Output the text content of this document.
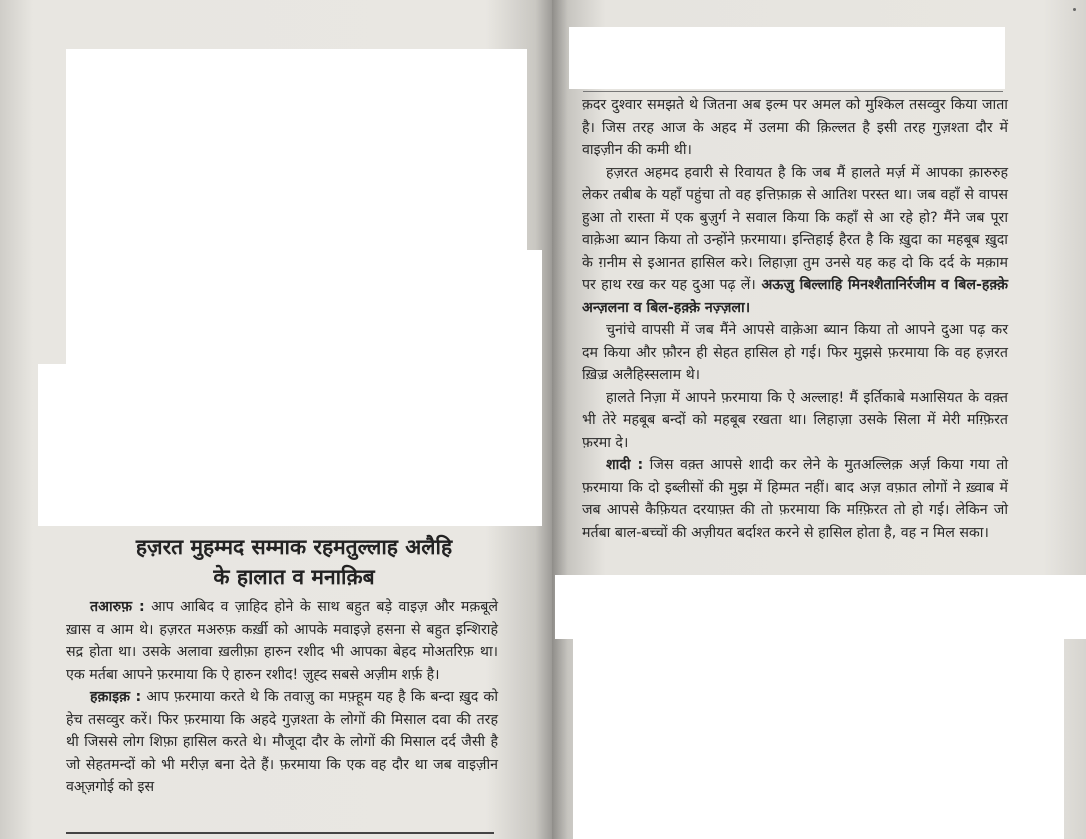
हज़रत मुहम्मद सम्माक रहमतुल्लाह अलैहि
के हालात व मनाक़िब

तआरुफ़ : आप आबिद व ज़ाहिद होने के साथ बहुत बड़े वाइज़ और मक़बूले ख़ास व आम थे। हज़रत मअरुफ़ कर्ख़ी को आपके मवाइज़े हसना से बहुत इन्शिराहे सद्र होता था। उसके अलावा ख़लीफ़ा हारुन रशीद भी आपका बेहद मोअतरिफ़ था। एक मर्तबा आपने फ़रमाया कि ऐ हारुन रशीद! ज़ुह्द सबसे अज़ीम शर्फ़ है।

हक़ाइक़ : आप फ़रमाया करते थे कि तवाज़ु का मफ़्हूम यह है कि बन्दा ख़ुद को हेच तसव्वुर करें। फिर फ़रमाया कि अहदे गुज़श्ता के लोगों की मिसाल दवा की तरह थी जिससे लोग शिफ़ा हासिल करते थे। मौजूदा दौर के लोगों की मिसाल दर्द जैसी है जो सेहतमन्दों को भी मरीज़ बना देते हैं। फ़रमाया कि एक वह दौर था जब वाइज़ीन वअ्ज़गोई को इस

क़दर दुश्वार समझते थे जितना अब इल्म पर अमल को मुश्किल तसव्वुर किया जाता है। जिस तरह आज के अहद में उलमा की क़िल्लत है इसी तरह गुज़श्ता दौर में वाइज़ीन की कमी थी।

हज़रत अहमद हवारी से रिवायत है कि जब मैं हालते मर्ज़ में आपका क़ारुरुह लेकर तबीब के यहाँ पहुंचा तो वह इत्तिफ़ाक़ से आतिश परस्त था। जब वहाँ से वापस हुआ तो रास्ता में एक बुज़ुर्ग ने सवाल किया कि कहाँ से आ रहे हो? मैंने जब पूरा वाक़ेआ ब्यान किया तो उन्होंने फ़रमाया। इन्तिहाई हैरत है कि ख़ुदा का महबूब ख़ुदा के ग़नीम से इआनत हासिल करे। लिहाज़ा तुम उनसे यह कह दो कि दर्द के मक़ाम पर हाथ रख कर यह दुआ पढ़ लें। अऊज़ु बिल्लाहि मिनश्शैतानिर्रजीम व बिल-हक़्क़े अन्ज़लना व बिल-हक़्क़े नज़्ज़ला।

चुनांचे वापसी में जब मैंने आपसे वाक़ेआ ब्यान किया तो आपने दुआ पढ़ कर दम किया और फ़ौरन ही सेहत हासिल हो गई। फिर मुझसे फ़रमाया कि वह हज़रत ख़िज़्र अलैहिस्सलाम थे।

हालते निज़ा में आपने फ़रमाया कि ऐ अल्लाह! मैं इर्तिकाबे मआसियत के वक़्त भी तेरे महबूब बन्दों को महबूब रखता था। लिहाज़ा उसके सिला में मेरी मग़्फ़िरत फ़रमा दे।

शादी : जिस वक़्त आपसे शादी कर लेने के मुतअल्लिक़ अर्ज़ किया गया तो फ़रमाया कि दो इब्लीसों की मुझ में हिम्मत नहीं। बाद अज़ वफ़ात लोगों ने ख़्वाब में जब आपसे कैफ़ियत दरयाफ़्त की तो फ़रमाया कि मग़्फ़िरत तो हो गई। लेकिन जो मर्तबा बाल-बच्चों की अज़ीयत बर्दाश्त करने से हासिल होता है, वह न मिल सका।
